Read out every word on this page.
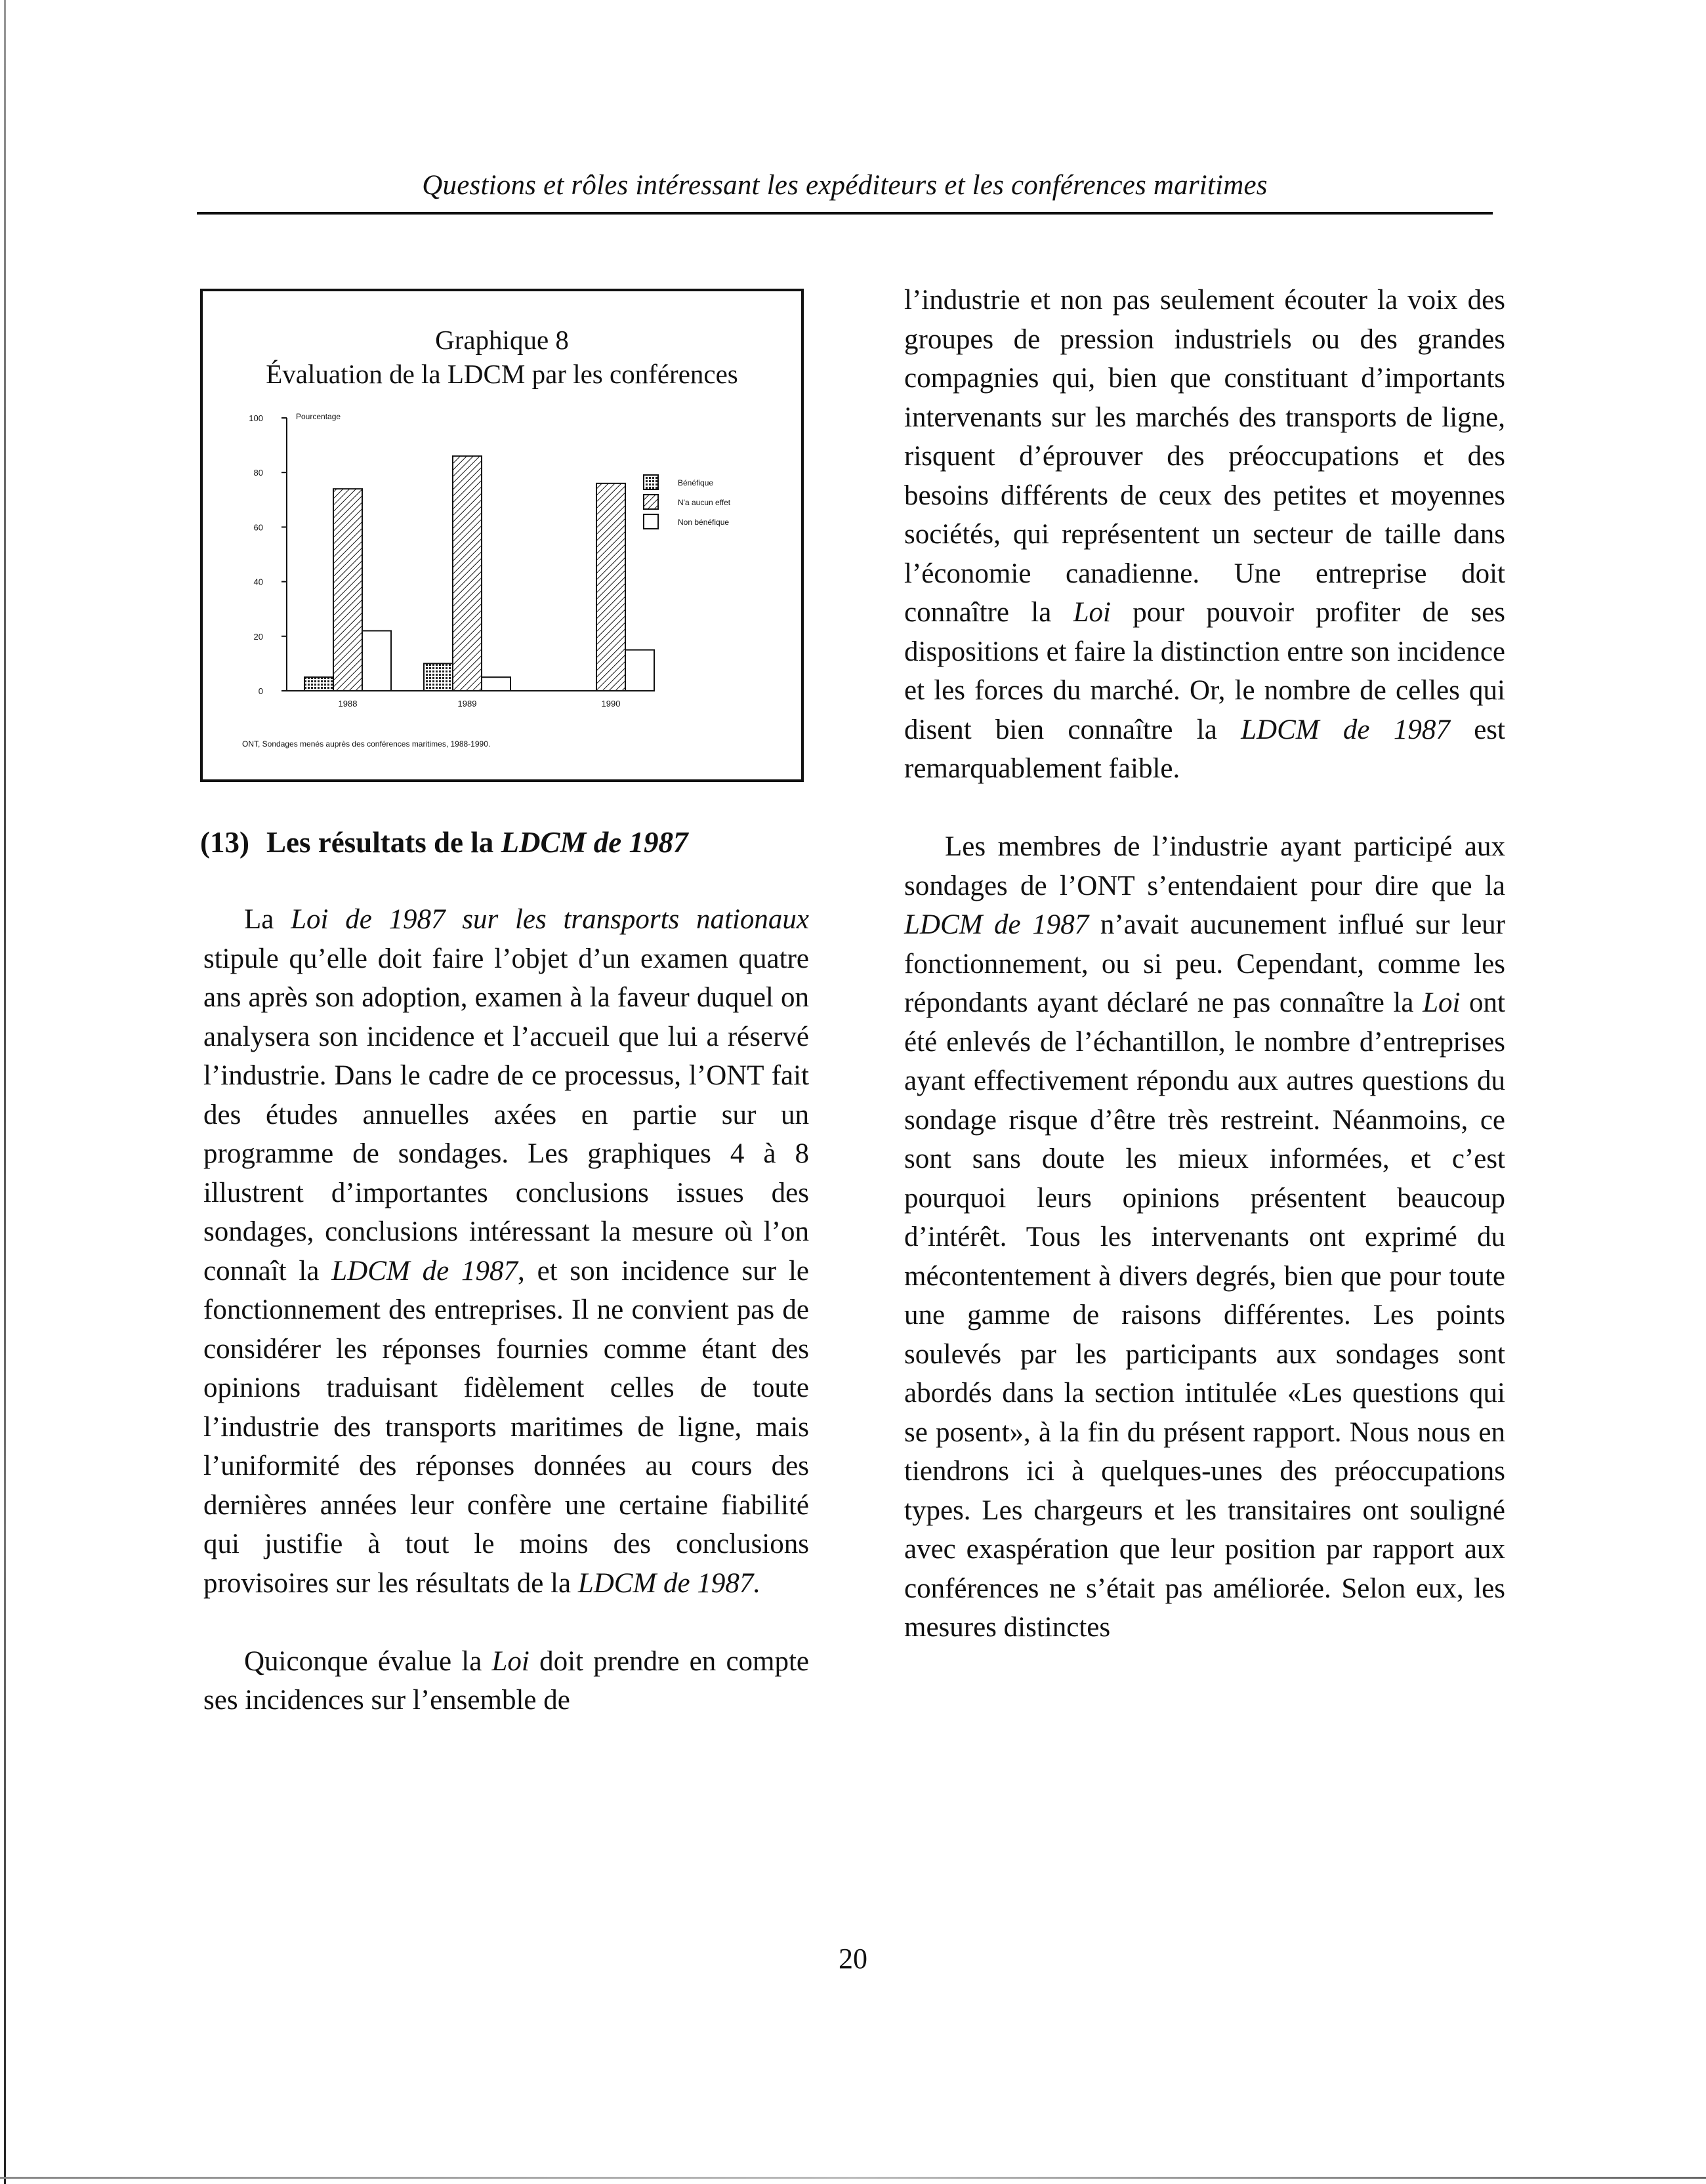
Questions et rôles intéressant les expéditeurs et les conférences maritimes
Graphique 8
Évaluation de la LDCM par les conférences
0
20
40
60
80
100	Pourcentage
1988	1989	1990
Bénéfique
N'a aucun effet
Non bénéfique
ONT, Sondages menés auprès des conférences maritimes, 1988-1990.
(13) Les résultats de la LDCM de 1987

La Loi de 1987 sur les transports nationaux stipule qu’elle doit faire l’objet d’un examen quatre ans après son adoption, examen à la faveur duquel on analysera son incidence et l’accueil que lui a réservé l’industrie. Dans le cadre de ce processus, l’ONT fait des études annuelles axées en partie sur un programme de sondages. Les graphiques 4 à 8 illustrent d’importantes conclusions issues des sondages, conclusions intéressant la mesure où l’on connaît la LDCM de 1987, et son incidence sur le fonctionnement des entreprises. Il ne convient pas de considérer les réponses fournies comme étant des opinions traduisant fidèlement celles de toute l’industrie des transports maritimes de ligne, mais l’uniformité des réponses données au cours des dernières années leur confère une certaine fiabilité qui justifie à tout le moins des conclusions provisoires sur les résultats de la LDCM de 1987.

Quiconque évalue la Loi doit prendre en compte ses incidences sur l’ensemble de

l’industrie et non pas seulement écouter la voix des groupes de pression industriels ou des grandes compagnies qui, bien que constituant d’importants intervenants sur les marchés des transports de ligne, risquent d’éprouver des préoccupations et des besoins différents de ceux des petites et moyennes sociétés, qui représentent un secteur de taille dans l’économie canadienne. Une entreprise doit connaître la Loi pour pouvoir profiter de ses dispositions et faire la distinction entre son incidence et les forces du marché. Or, le nombre de celles qui disent bien connaître la LDCM de 1987 est remarquablement faible.

Les membres de l’industrie ayant participé aux sondages de l’ONT s’entendaient pour dire que la LDCM de 1987 n’avait aucunement influé sur leur fonctionnement, ou si peu. Cependant, comme les répondants ayant déclaré ne pas connaître la Loi ont été enlevés de l’échantillon, le nombre d’entreprises ayant effectivement répondu aux autres questions du sondage risque d’être très restreint. Néanmoins, ce sont sans doute les mieux informées, et c’est pourquoi leurs opinions présentent beaucoup d’intérêt. Tous les intervenants ont exprimé du mécontentement à divers degrés, bien que pour toute une gamme de raisons différentes. Les points soulevés par les participants aux sondages sont abordés dans la section intitulée «Les questions qui se posent», à la fin du présent rapport. Nous nous en tiendrons ici à quelques-unes des préoccupations types. Les chargeurs et les transitaires ont souligné avec exaspération que leur position par rapport aux conférences ne s’était pas améliorée. Selon eux, les mesures distinctes

20
